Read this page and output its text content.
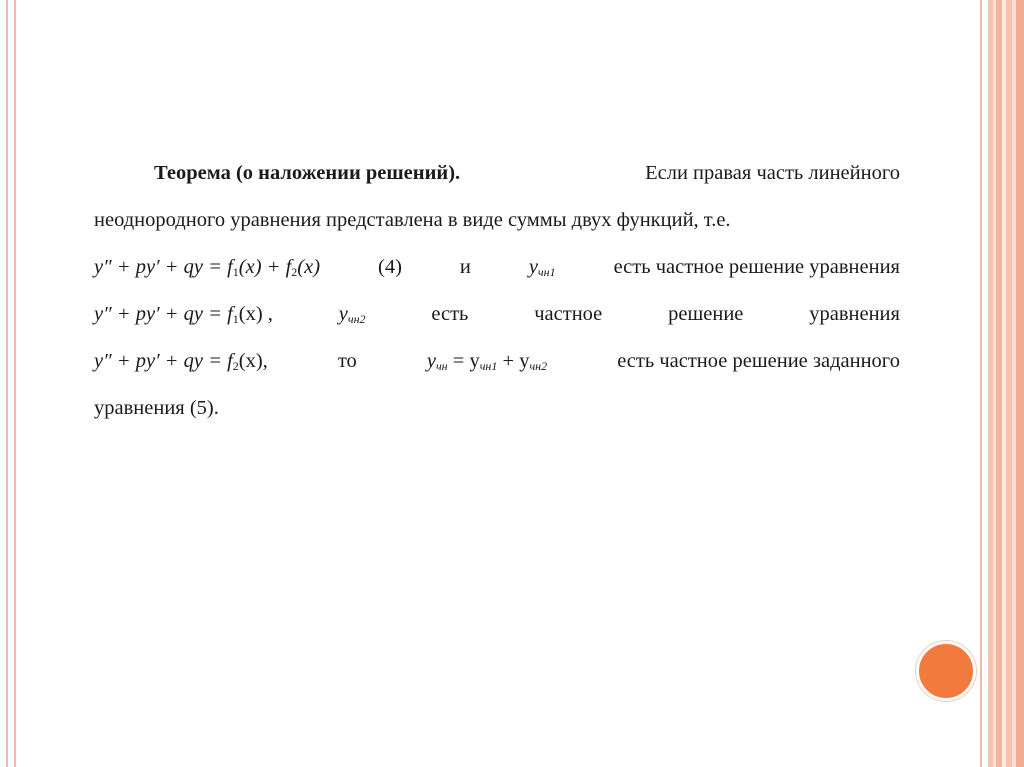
Теорема (о наложении решений).	Если правая часть линейного
неоднородного уравнения представлена в виде суммы двух функций, т.е.
y″ + py′ + qy = $f_1(x) + f_2(x)$	(4)	и	$y_{чн1}$	есть частное решение уравнения
y″ + py′ + qy = $f_1(x)$ ,	$y_{чн2}$	есть	частное	решение	уравнения
y″ + py′ + qy = $f_2(x)$,	то	$y_{чн} = y_{чн1} + y_{чн2}$	есть частное решение заданного
уравнения (5).
